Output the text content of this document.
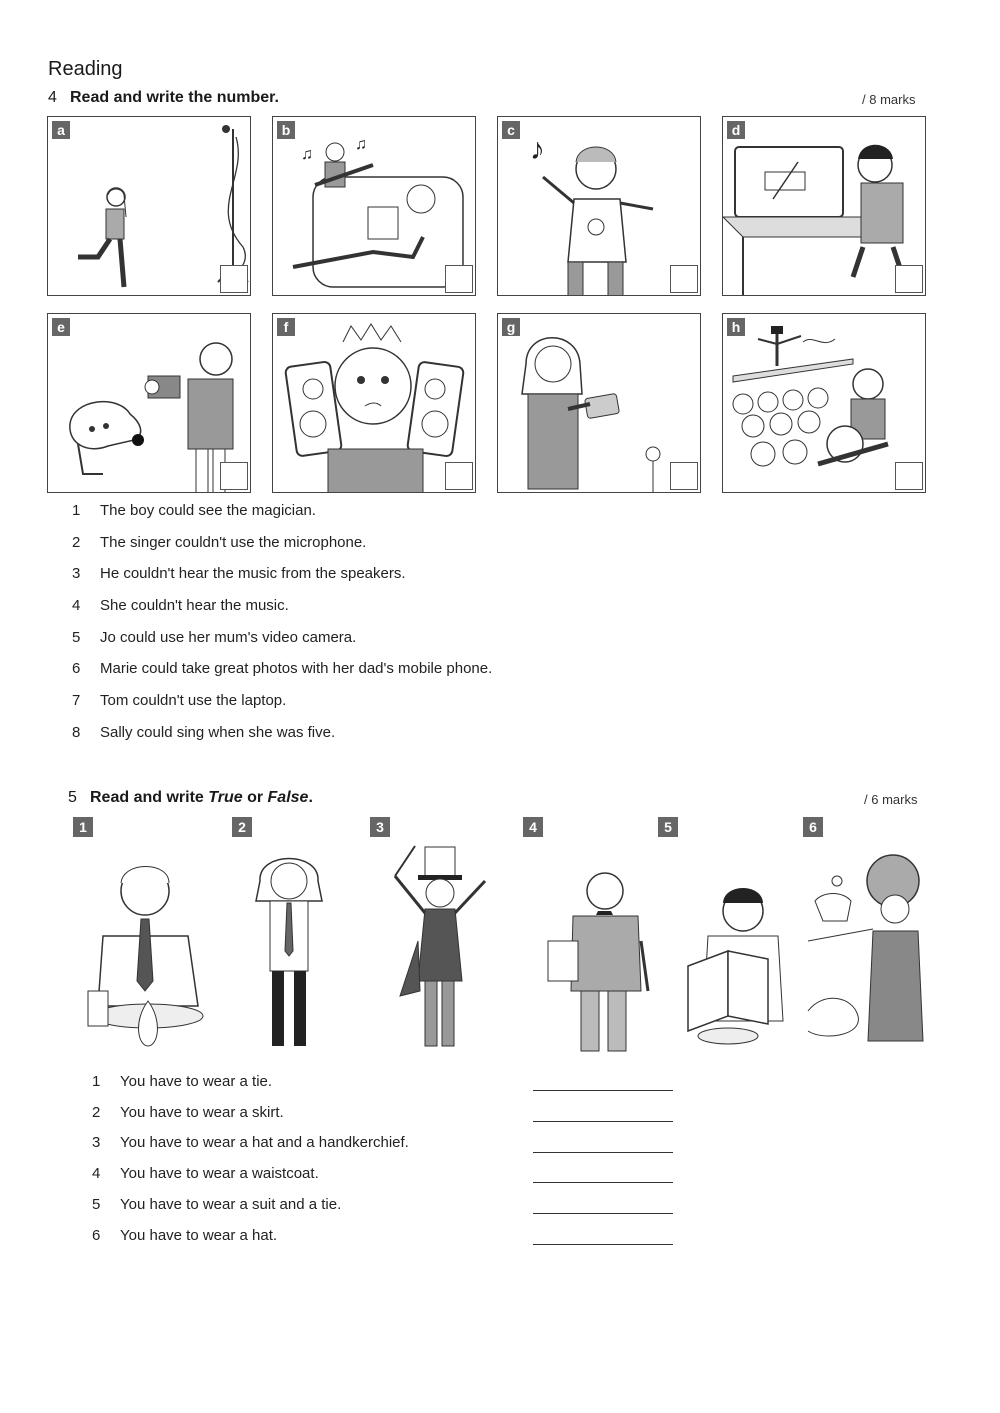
Reading
4 Read and write the number.	/ 8 marks
a
♫
♫
b
♪
c	d
e	f	g	h
1 The boy could see the magician.
2 The singer couldn't use the microphone.
3 He couldn't hear the music from the speakers.
4 She couldn't hear the music.
5 Jo could use her mum's video camera.
6 Marie could take great photos with her dad's mobile phone.
7 Tom couldn't use the laptop.
8 Sally could sing when she was five.
5 Read and write True or False.	/ 6 marks
1	2	3	4	5	6
1 You have to wear a tie.
2 You have to wear a skirt.
3 You have to wear a hat and a handkerchief.
4 You have to wear a waistcoat.
5 You have to wear a suit and a tie.
6 You have to wear a hat.
